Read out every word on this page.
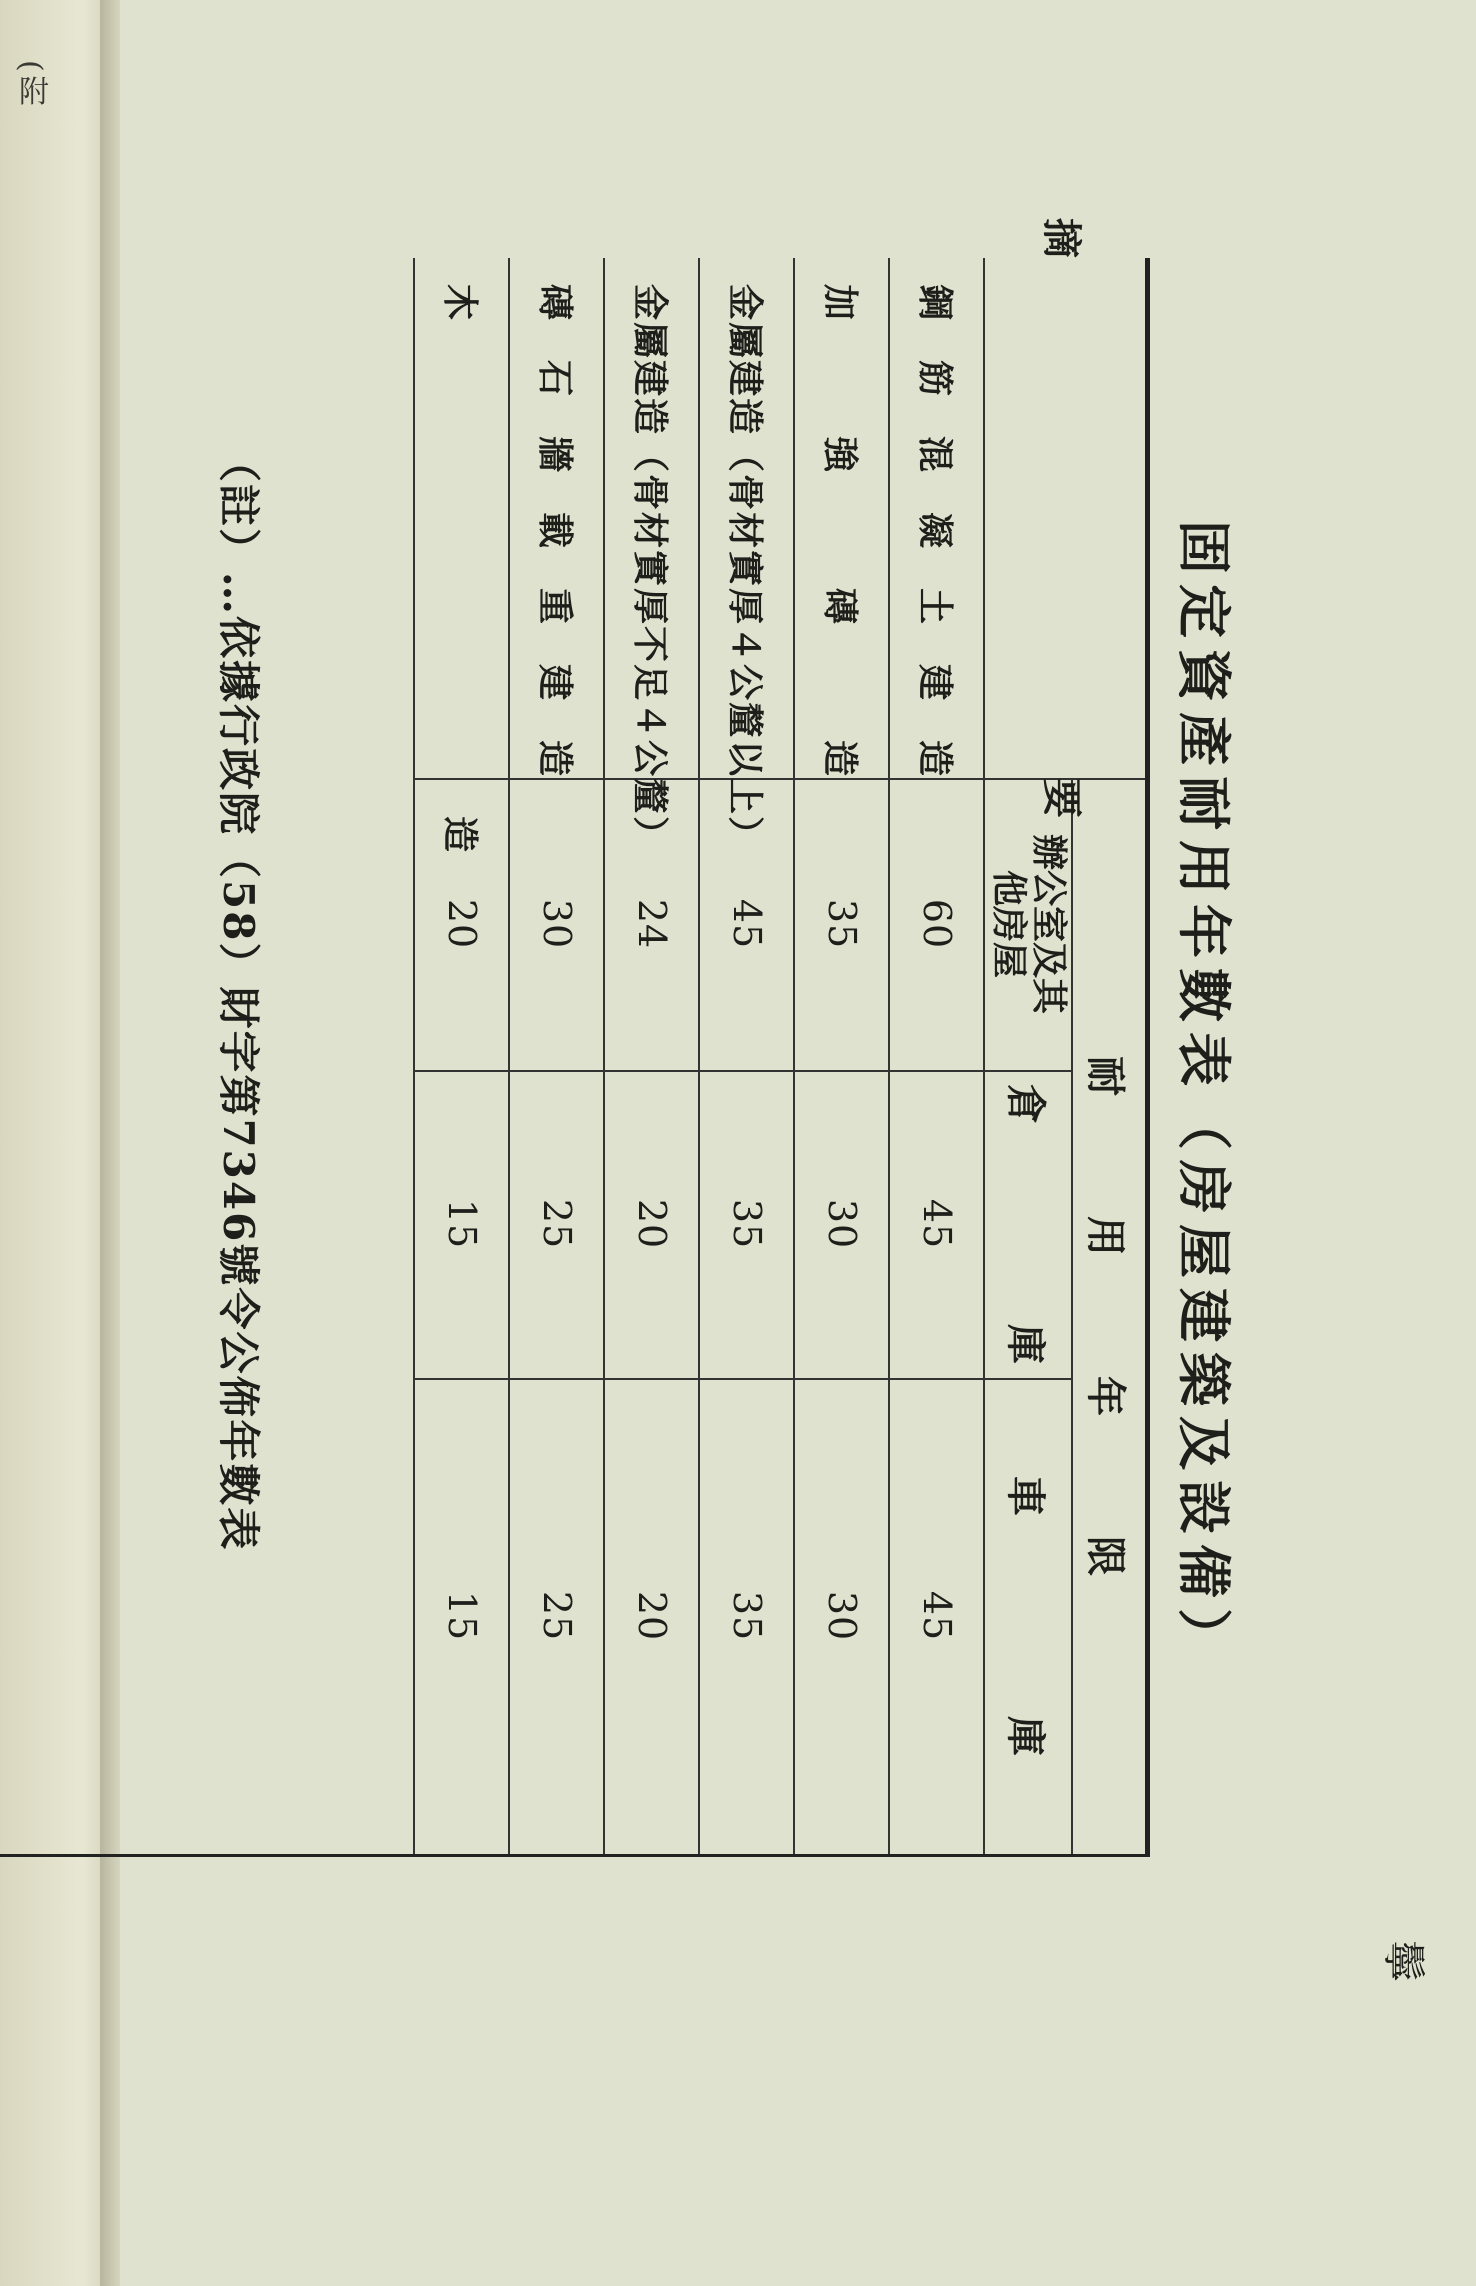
(附
鬡
固定資產耐用年數表（房屋建築及設備）
摘　　　　　　　　　　　　　要
耐　　　用　　　年　　　限
辦公室及其他房屋
倉　　　　　庫
車　　　　　庫
鋼　筋　混　凝　土　建　造
60
45
45
加　　　強　　　磚　　　造
35
30
30
金屬建造（骨材實厚４公釐以上）
45
35
35
金屬建造（骨材實厚不足４公釐）
24
20
20
磚　石　牆　載　重　建　造
30
25
25
木　　　　　　　　　　　　　造
20
15
15
（註）…依據行政院（58）財字第7346號令公佈年數表
